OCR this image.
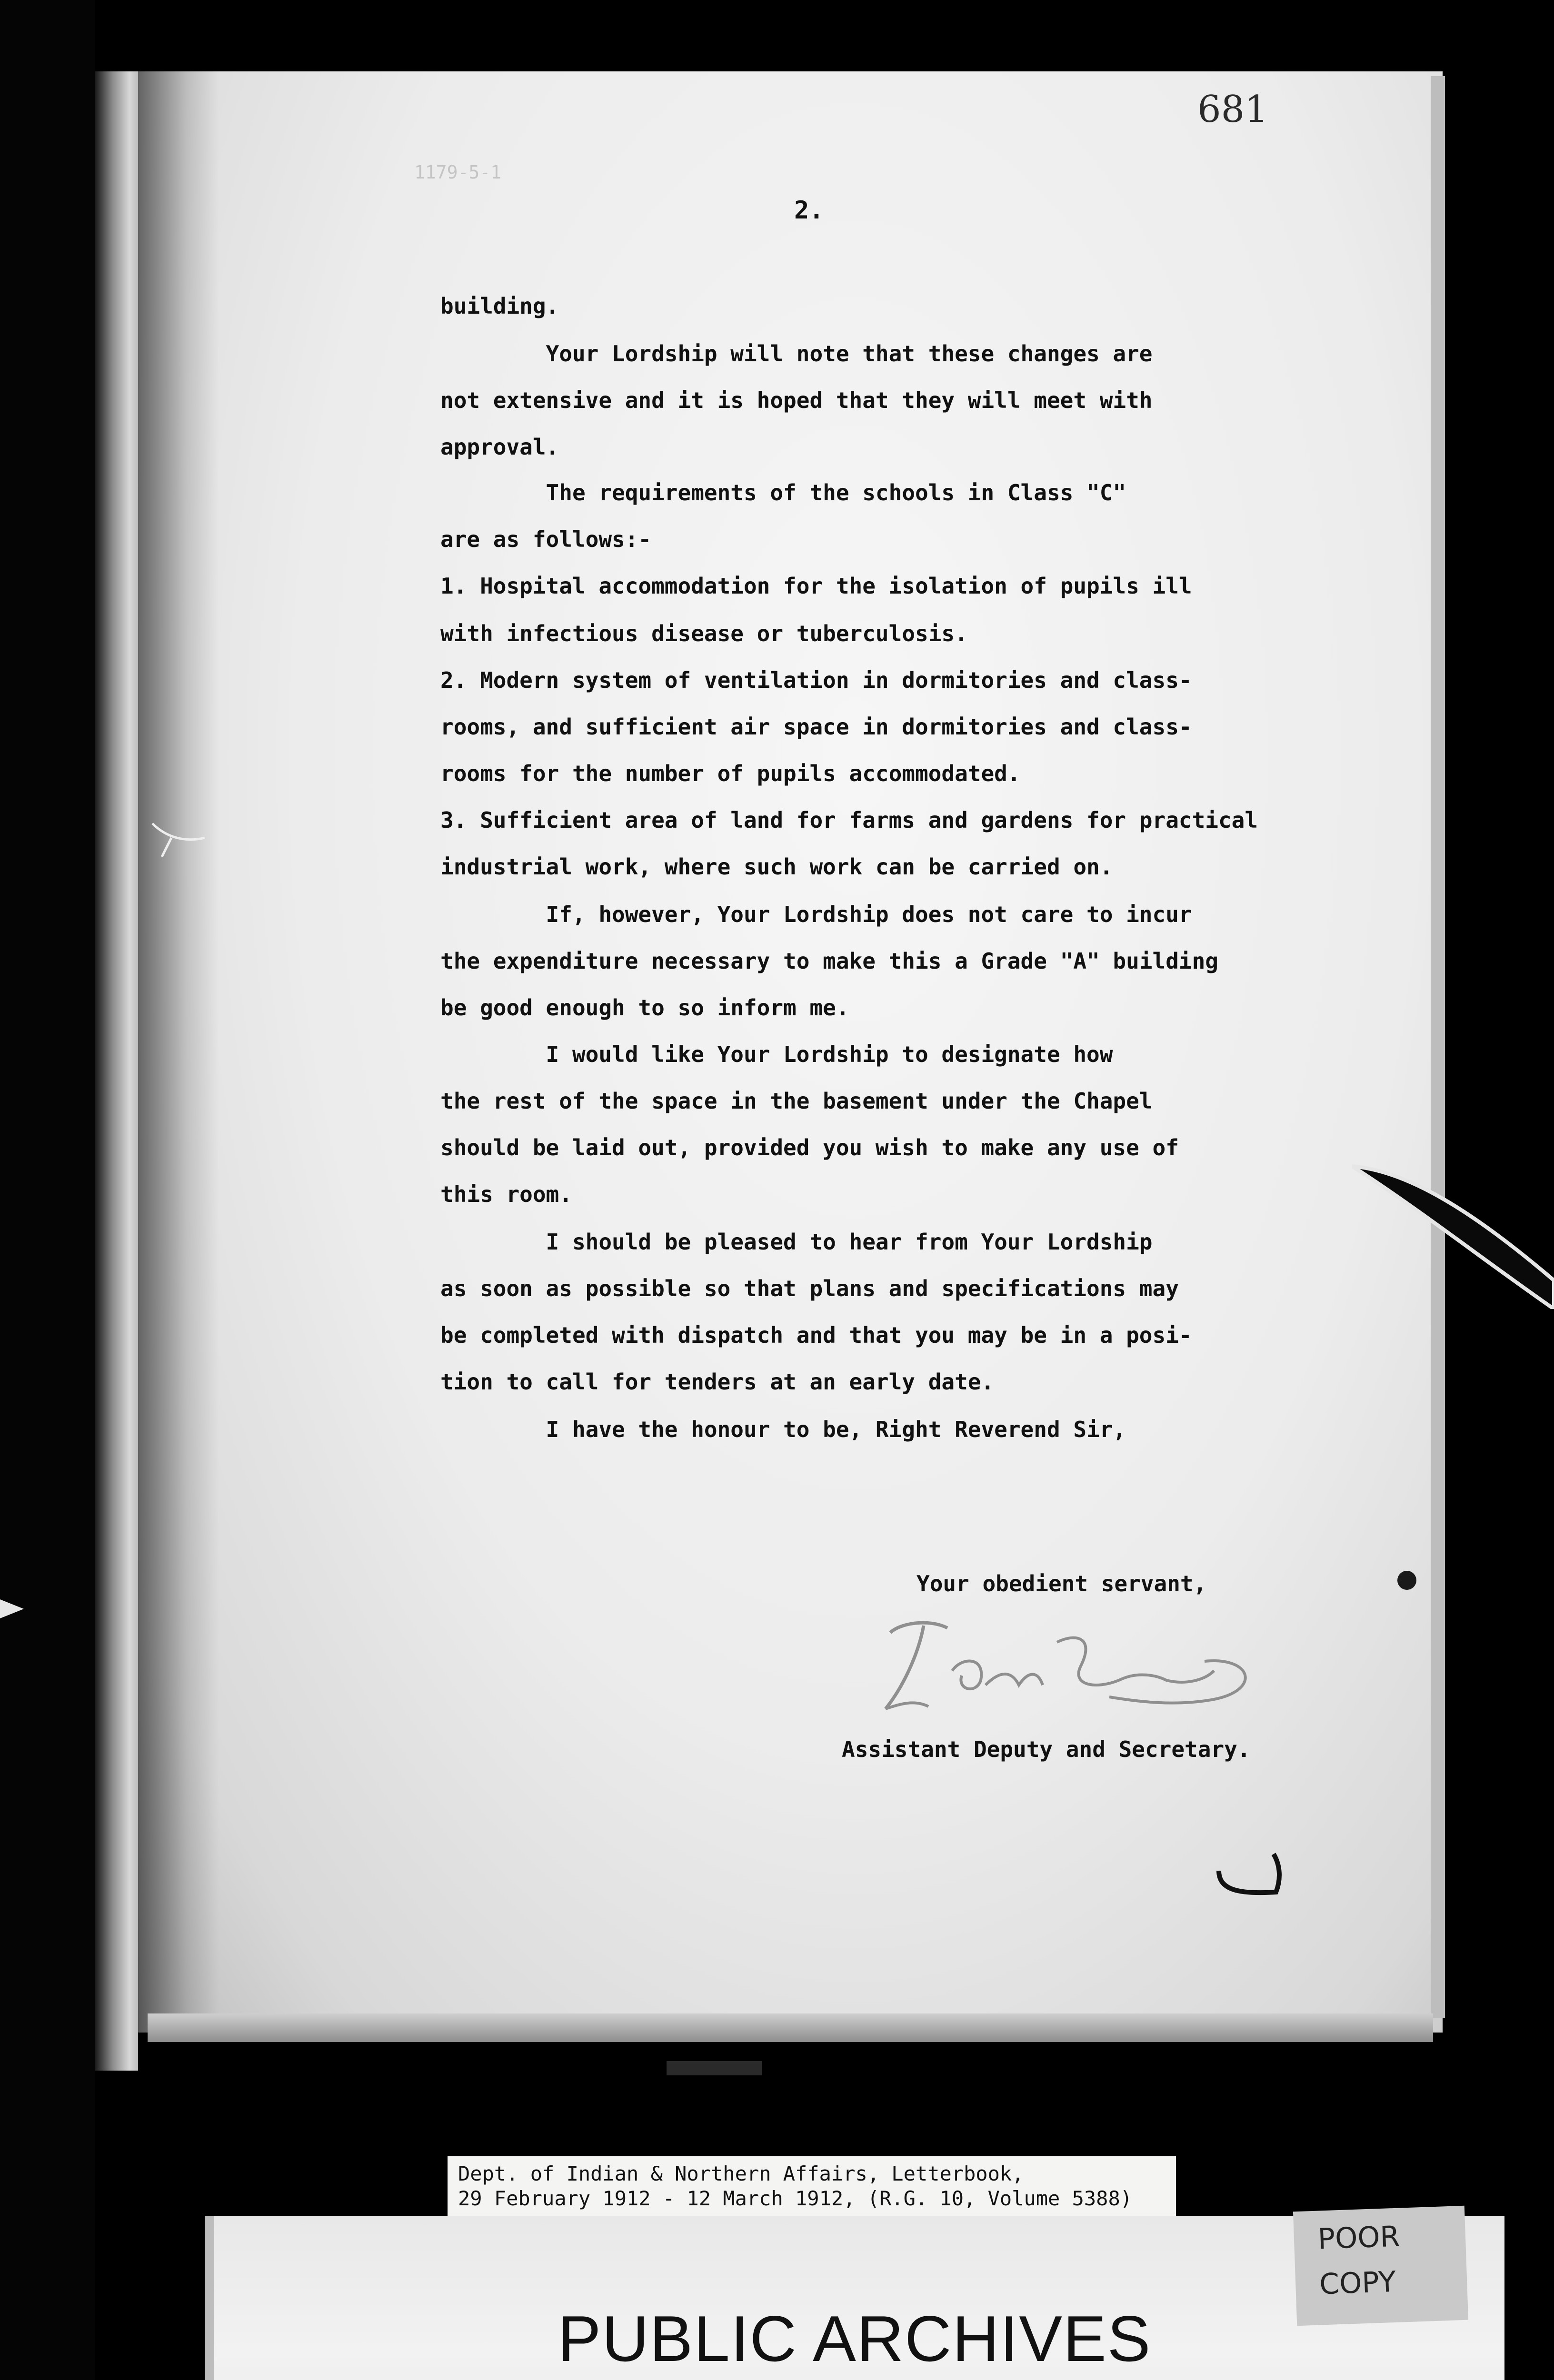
681
1179-5-1
2.
building.
Your Lordship will note that these changes are
not extensive and it is hoped that they will meet with
approval.
The requirements of the schools in Class "C"
are as follows:-
1. Hospital accommodation for the isolation of pupils ill
with infectious disease or tuberculosis.
2. Modern system of ventilation in dormitories and class-
rooms, and sufficient air space in dormitories and class-
rooms for the number of pupils accommodated.
3. Sufficient area of land for farms and gardens for practical
industrial work, where such work can be carried on.
If, however, Your Lordship does not care to incur
the expenditure necessary to make this a Grade "A" building
be good enough to so inform me.
I would like Your Lordship to designate how
the rest of the space in the basement under the Chapel
should be laid out, provided you wish to make any use of
this room.
I should be pleased to hear from Your Lordship
as soon as possible so that plans and specifications may
be completed with dispatch and that you may be in a posi-
tion to call for tenders at an early date.
I have the honour to be, Right Reverend Sir,
Your obedient servant,
Assistant Deputy and Secretary.
Dept. of Indian & Northern Affairs, Letterbook,
29 February 1912 - 12 March 1912, (R.G. 10, Volume 5388)
PUBLIC ARCHIVES
POOR
COPY
